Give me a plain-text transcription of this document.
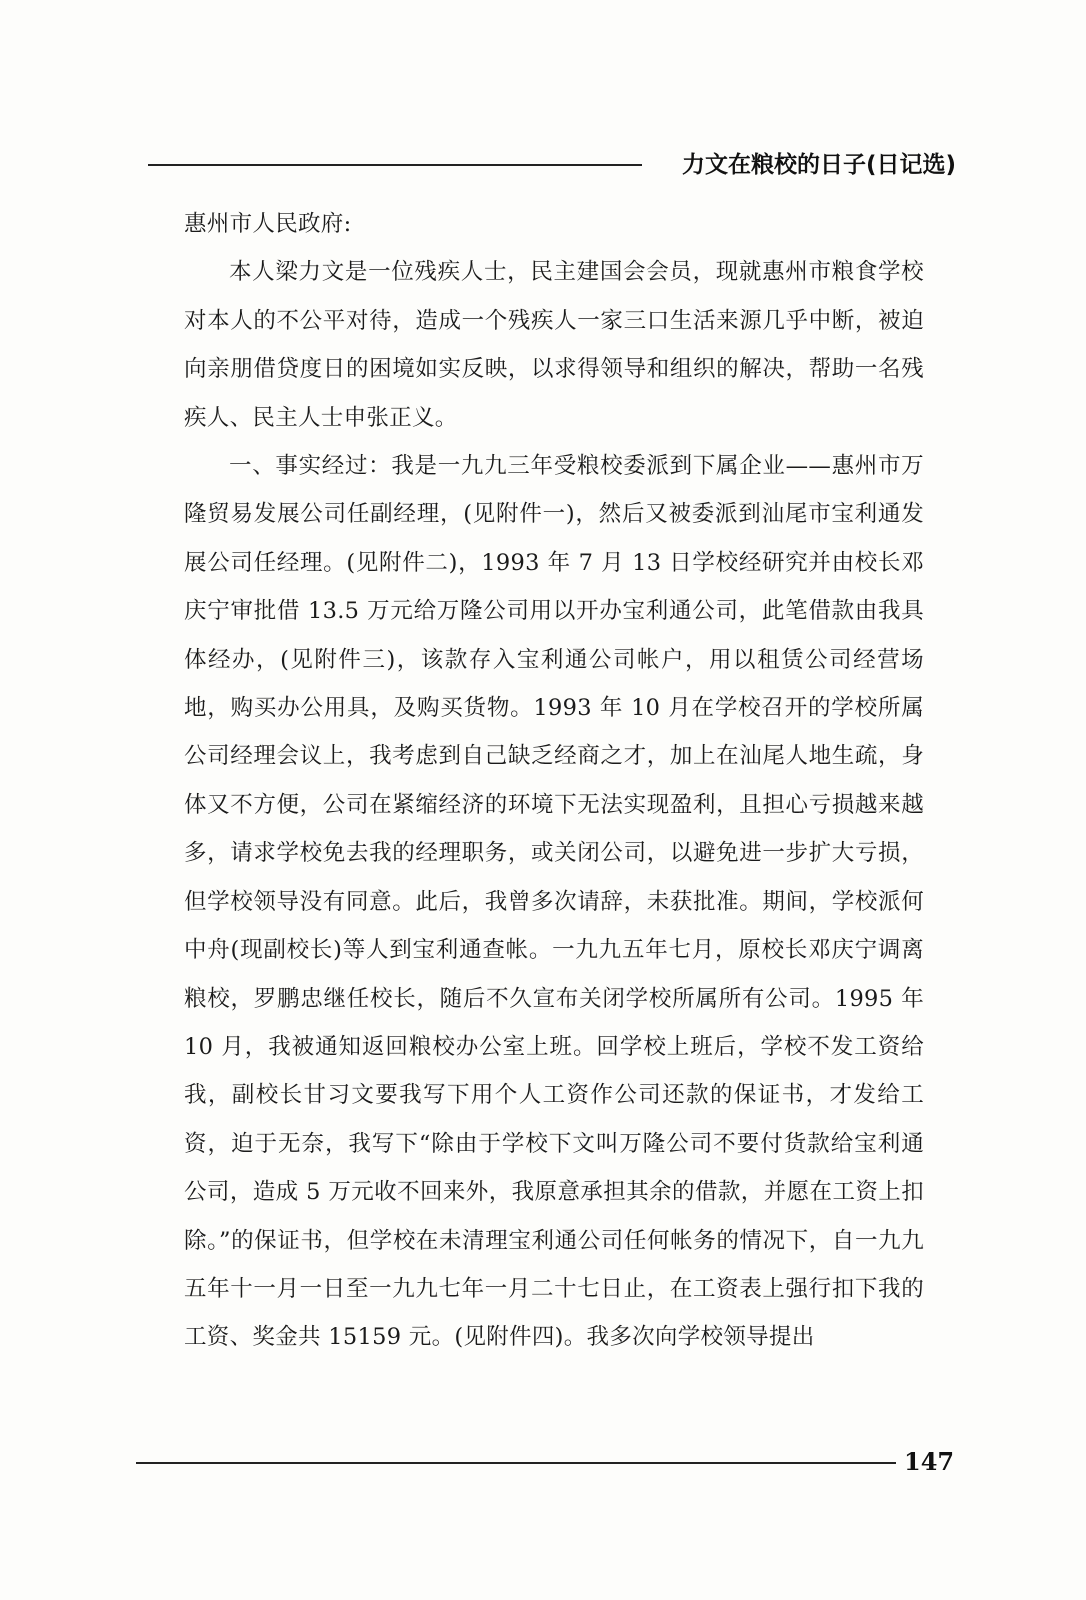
力文在粮校的日子(日记选)

惠州市人民政府:

本人梁力文是一位残疾人士，民主建国会会员，现就惠州市粮食学校对本人的不公平对待，造成一个残疾人一家三口生活来源几乎中断，被迫向亲朋借贷度日的困境如实反映，以求得领导和组织的解决，帮助一名残疾人、民主人士申张正义。

一、事实经过：我是一九九三年受粮校委派到下属企业——惠州市万隆贸易发展公司任副经理，(见附件一)，然后又被委派到汕尾市宝利通发展公司任经理。(见附件二)，1993 年 7 月 13 日学校经研究并由校长邓庆宁审批借 13.5 万元给万隆公司用以开办宝利通公司，此笔借款由我具体经办，(见附件三)，该款存入宝利通公司帐户，用以租赁公司经营场地，购买办公用具，及购买货物。1993 年 10 月在学校召开的学校所属公司经理会议上，我考虑到自己缺乏经商之才，加上在汕尾人地生疏，身体又不方便，公司在紧缩经济的环境下无法实现盈利，且担心亏损越来越多，请求学校免去我的经理职务，或关闭公司，以避免进一步扩大亏损，但学校领导没有同意。此后，我曾多次请辞，未获批准。期间，学校派何中舟(现副校长)等人到宝利通查帐。一九九五年七月，原校长邓庆宁调离粮校，罗鹏忠继任校长，随后不久宣布关闭学校所属所有公司。1995 年 10 月，我被通知返回粮校办公室上班。回学校上班后，学校不发工资给我，副校长甘习文要我写下用个人工资作公司还款的保证书，才发给工资，迫于无奈，我写下“除由于学校下文叫万隆公司不要付货款给宝利通公司，造成 5 万元收不回来外，我原意承担其余的借款，并愿在工资上扣除。”的保证书，但学校在未清理宝利通公司任何帐务的情况下，自一九九五年十一月一日至一九九七年一月二十七日止，在工资表上强行扣下我的工资、奖金共 15159 元。(见附件四)。我多次向学校领导提出

147
